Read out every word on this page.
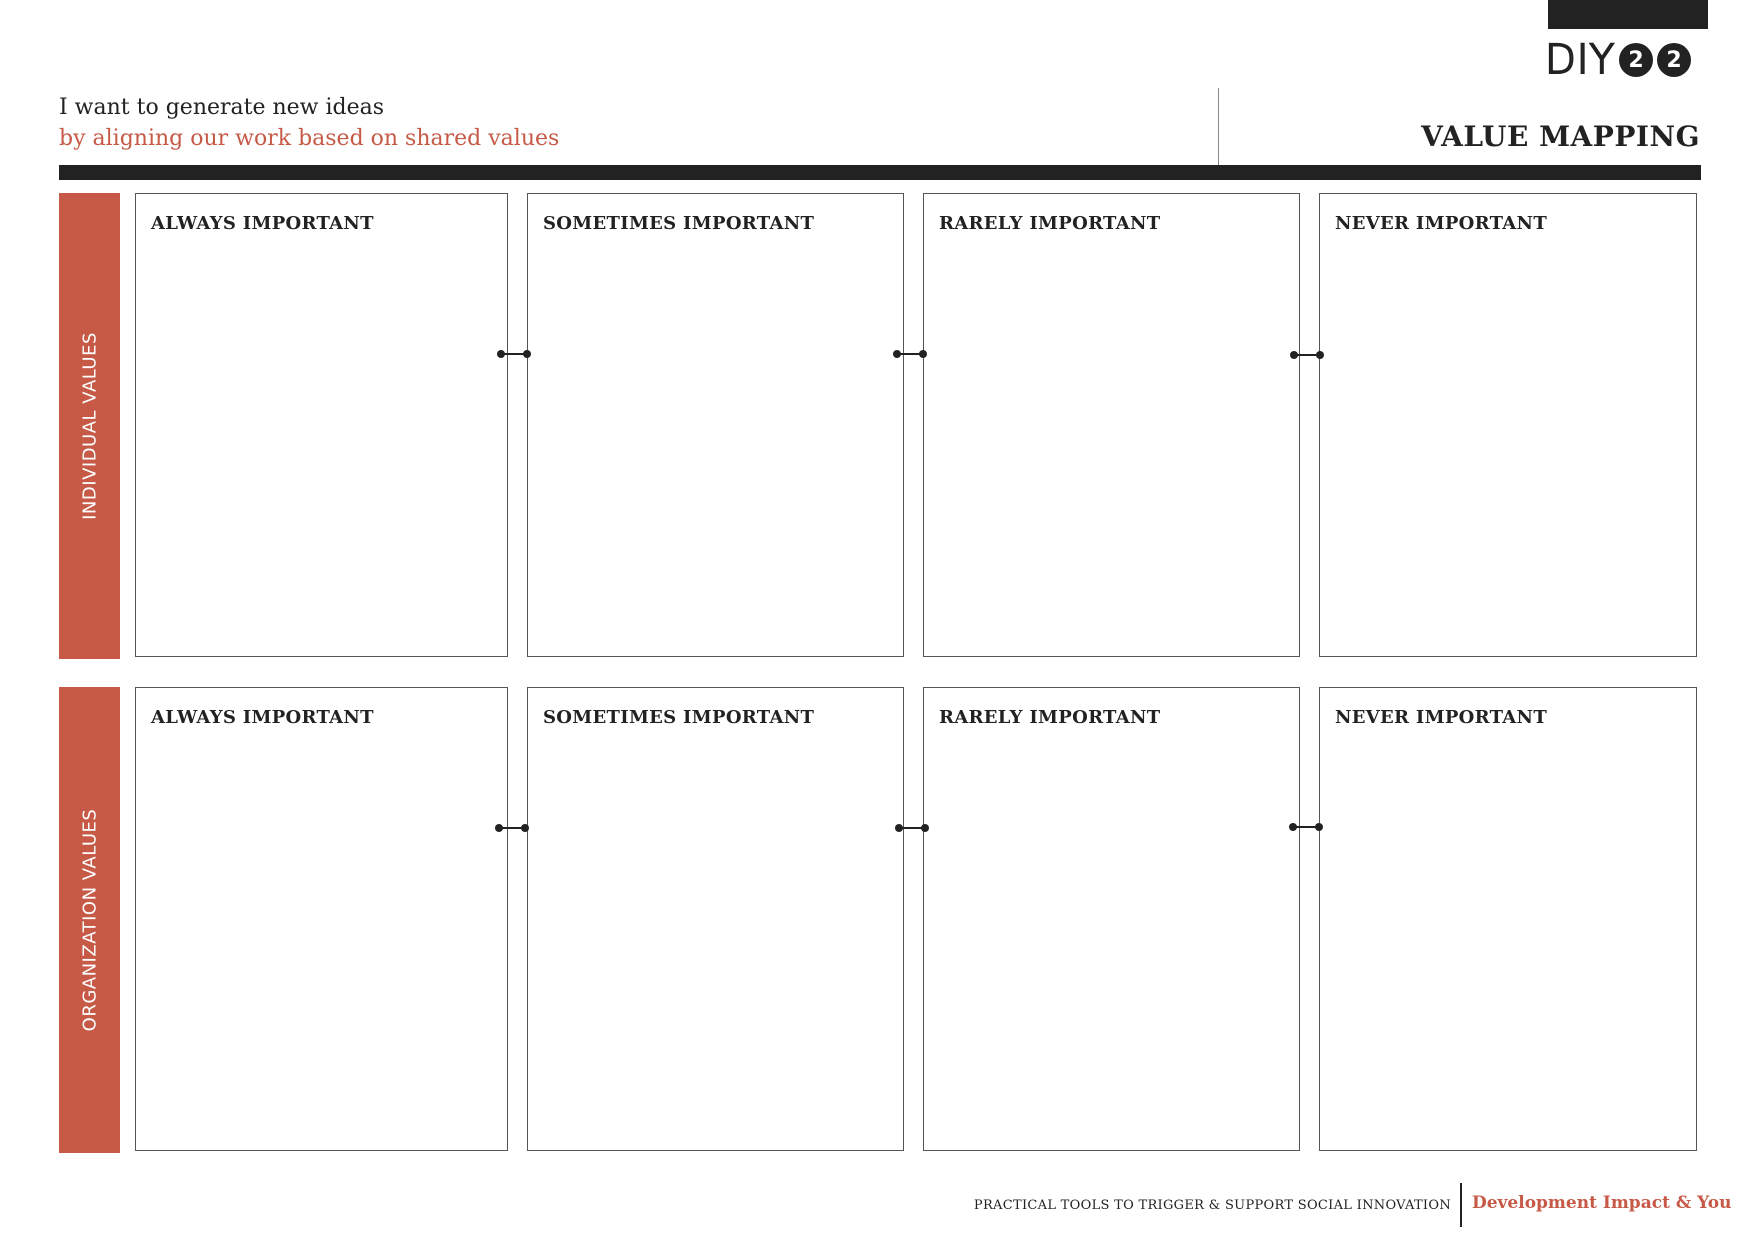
DIY 2	2
I want to generate new ideas
by aligning our work based on shared values	VALUE MAPPING
INDIVIDUAL VALUES
ALWAYS IMPORTANT	SOMETIMES IMPORTANT	RARELY IMPORTANT	NEVER IMPORTANT
ORGANIZATION VALUES
ALWAYS IMPORTANT	SOMETIMES IMPORTANT	RARELY IMPORTANT	NEVER IMPORTANT
PRACTICAL TOOLS TO TRIGGER & SUPPORT SOCIAL INNOVATION Development Impact & You
